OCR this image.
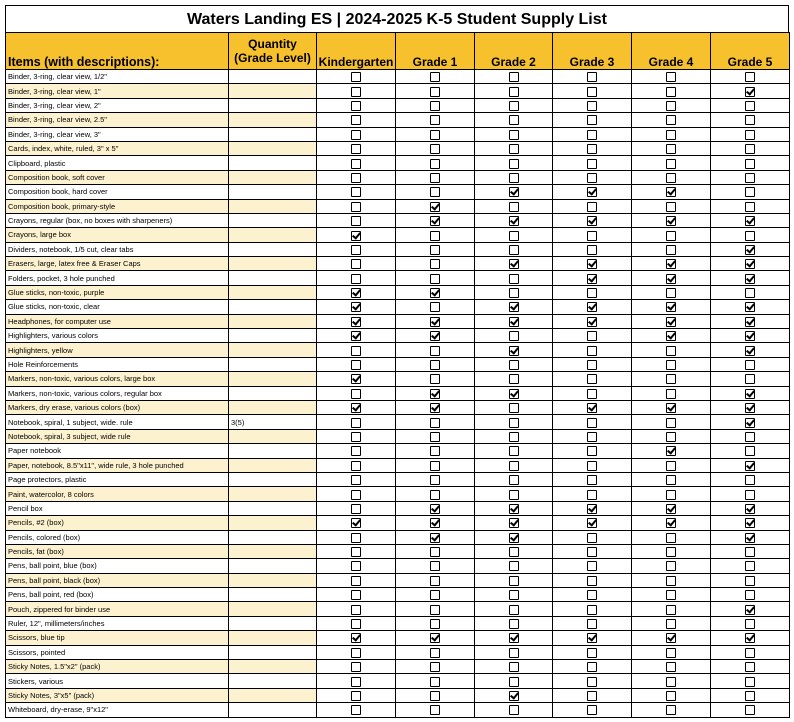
Waters Landing ES | 2024-2025 K-5 Student Supply List
Items (with descriptions):	Quantity
(Grade Level)	Kindergarten	Grade 1	Grade 2	Grade 3	Grade 4	Grade 5
Binder, 3-ring, clear view, 1/2"							
Binder, 3-ring, clear view, 1"							
Binder, 3-ring, clear view, 2"							
Binder, 3-ring, clear view, 2.5"							
Binder, 3-ring, clear view, 3"							
Cards, index, white, ruled, 3" x 5"							
Clipboard, plastic							
Composition book, soft cover							
Composition book, hard cover							
Composition book, primary-style							
Crayons, regular (box, no boxes with sharpeners)							
Crayons, large box							
Dividers, notebook, 1/5 cut, clear tabs							
Erasers, large, latex free & Eraser Caps							
Folders, pocket, 3 hole punched							
Glue sticks, non-toxic, purple							
Glue sticks, non-toxic, clear							
Headphones, for computer use							
Highlighters, various colors							
Highlighters, yellow							
Hole Reinforcements							
Markers, non-toxic, various colors, large box							
Markers, non-toxic, various colors, regular box							
Markers, dry erase, various colors (box)							
Notebook, spiral, 1 subject, wide. rule	3(5)						
Notebook, spiral, 3 subject, wide rule							
Paper notebook							
Paper, notebook, 8.5"x11", wide rule, 3 hole punched							
Page protectors, plastic							
Paint, watercolor, 8 colors							
Pencil box							
Pencils, #2 (box)							
Pencils, colored (box)							
Pencils, fat (box)							
Pens, ball point, blue (box)							
Pens, ball point, black (box)							
Pens, ball point, red (box)							
Pouch, zippered for binder use							
Ruler, 12", millimeters/inches							
Scissors, blue tip							
Scissors, pointed							
Sticky Notes, 1.5"x2" (pack)							
Stickers, various							
Sticky Notes, 3"x5" (pack)							
Whiteboard, dry-erase, 9"x12"							
